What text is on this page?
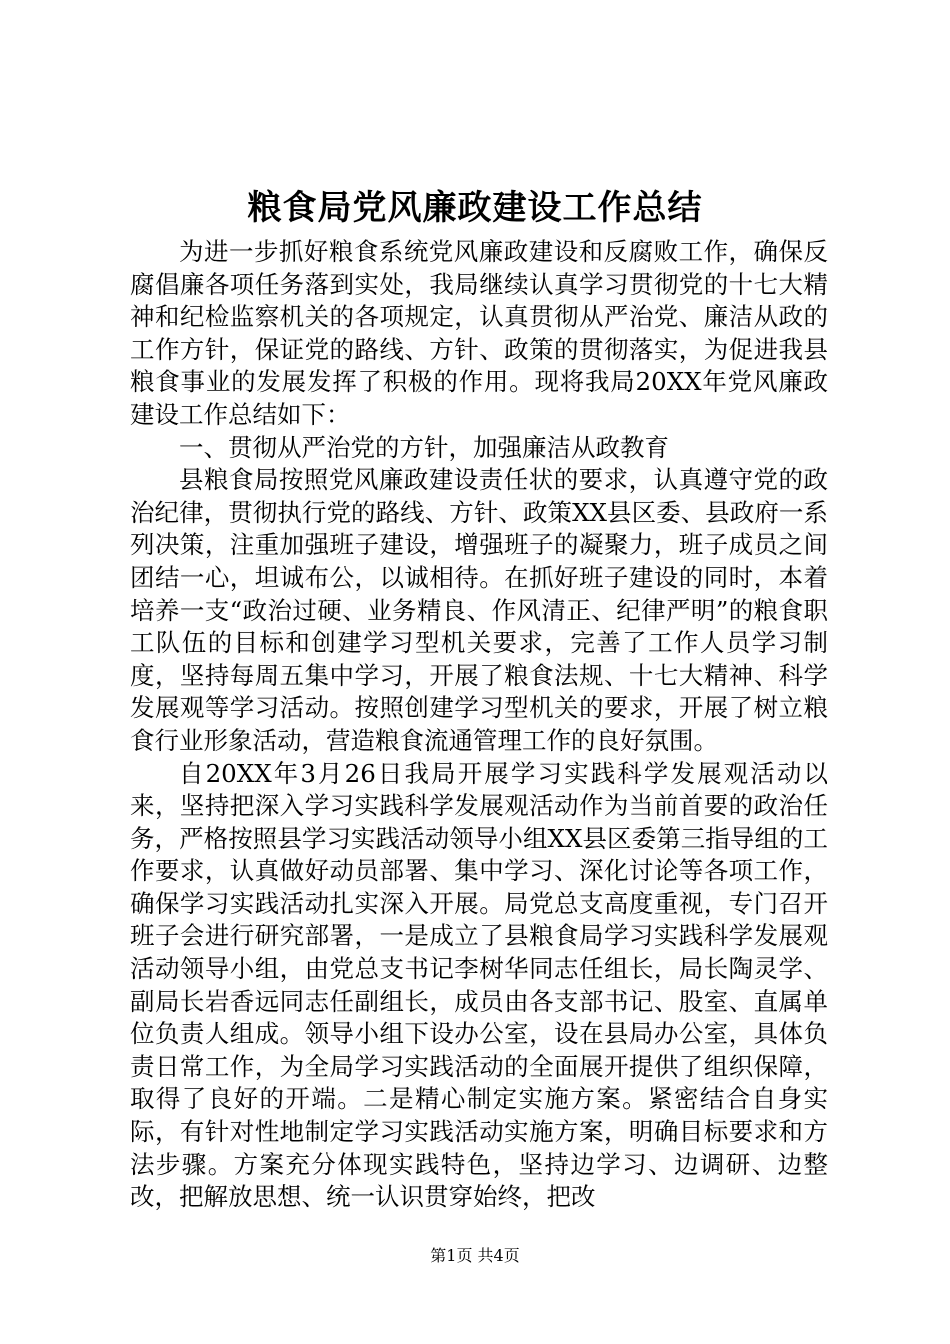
粮食局党风廉政建设工作总结

为进一步抓好粮食系统党风廉政建设和反腐败工作，确保反腐倡廉各项任务落到实处，我局继续认真学习贯彻党的十七大精神和纪检监察机关的各项规定，认真贯彻从严治党、廉洁从政的工作方针，保证党的路线、方针、政策的贯彻落实，为促进我县粮食事业的发展发挥了积极的作用。现将我局20XX年党风廉政建设工作总结如下：

一、贯彻从严治党的方针，加强廉洁从政教育

县粮食局按照党风廉政建设责任状的要求，认真遵守党的政治纪律，贯彻执行党的路线、方针、政策XX县区委、县政府一系列决策，注重加强班子建设，增强班子的凝聚力，班子成员之间团结一心，坦诚布公，以诚相待。在抓好班子建设的同时，本着培养一支“政治过硬、业务精良、作风清正、纪律严明”的粮食职工队伍的目标和创建学习型机关要求，完善了工作人员学习制度，坚持每周五集中学习，开展了粮食法规、十七大精神、科学发展观等学习活动。按照创建学习型机关的要求，开展了树立粮食行业形象活动，营造粮食流通管理工作的良好氛围。

自20XX年3月26日我局开展学习实践科学发展观活动以来，坚持把深入学习实践科学发展观活动作为当前首要的政治任务，严格按照县学习实践活动领导小组XX县区委第三指导组的工作要求，认真做好动员部署、集中学习、深化讨论等各项工作，确保学习实践活动扎实深入开展。局党总支高度重视，专门召开班子会进行研究部署，一是成立了县粮食局学习实践科学发展观活动领导小组，由党总支书记李树华同志任组长，局长陶灵学、副局长岩香远同志任副组长，成员由各支部书记、股室、直属单位负责人组成。领导小组下设办公室，设在县局办公室，具体负责日常工作，为全局学习实践活动的全面展开提供了组织保障，取得了良好的开端。二是精心制定实施方案。紧密结合自身实际，有针对性地制定学习实践活动实施方案，明确目标要求和方法步骤。方案充分体现实践特色，坚持边学习、边调研、边整改，把解放思想、统一认识贯穿始终，把改

第1页 共4页
